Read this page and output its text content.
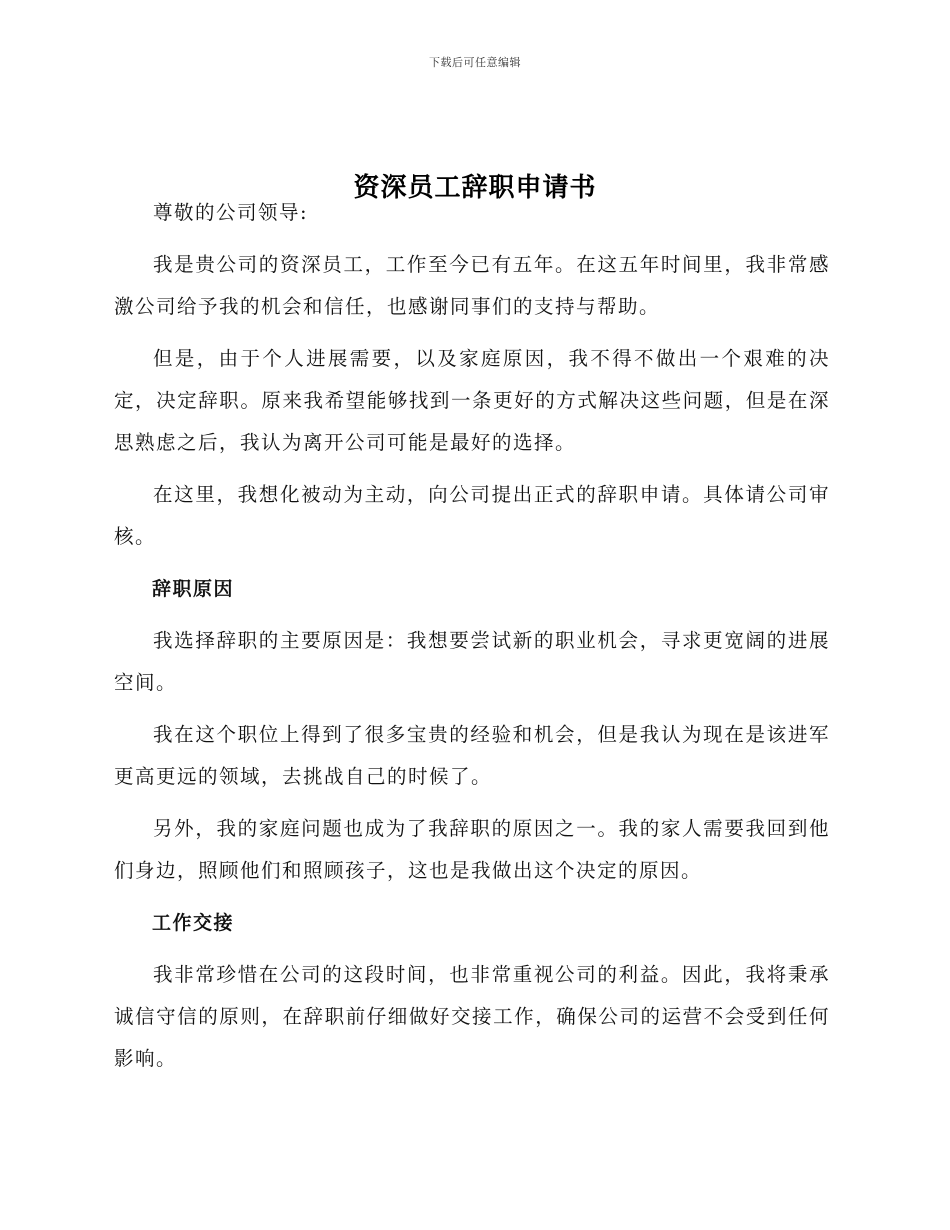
下载后可任意编辑
资深员工辞职申请书

尊敬的公司领导:

我是贵公司的资深员工，工作至今已有五年。在这五年时间里，我非常感激公司给予我的机会和信任，也感谢同事们的支持与帮助。

但是，由于个人进展需要，以及家庭原因，我不得不做出一个艰难的决定，决定辞职。原来我希望能够找到一条更好的方式解决这些问题，但是在深思熟虑之后，我认为离开公司可能是最好的选择。

在这里，我想化被动为主动，向公司提出正式的辞职申请。具体请公司审核。

辞职原因

我选择辞职的主要原因是：我想要尝试新的职业机会，寻求更宽阔的进展空间。

我在这个职位上得到了很多宝贵的经验和机会，但是我认为现在是该进军更高更远的领域，去挑战自己的时候了。

另外，我的家庭问题也成为了我辞职的原因之一。我的家人需要我回到他们身边，照顾他们和照顾孩子，这也是我做出这个决定的原因。

工作交接

我非常珍惜在公司的这段时间，也非常重视公司的利益。因此，我将秉承诚信守信的原则，在辞职前仔细做好交接工作，确保公司的运营不会受到任何影响。
